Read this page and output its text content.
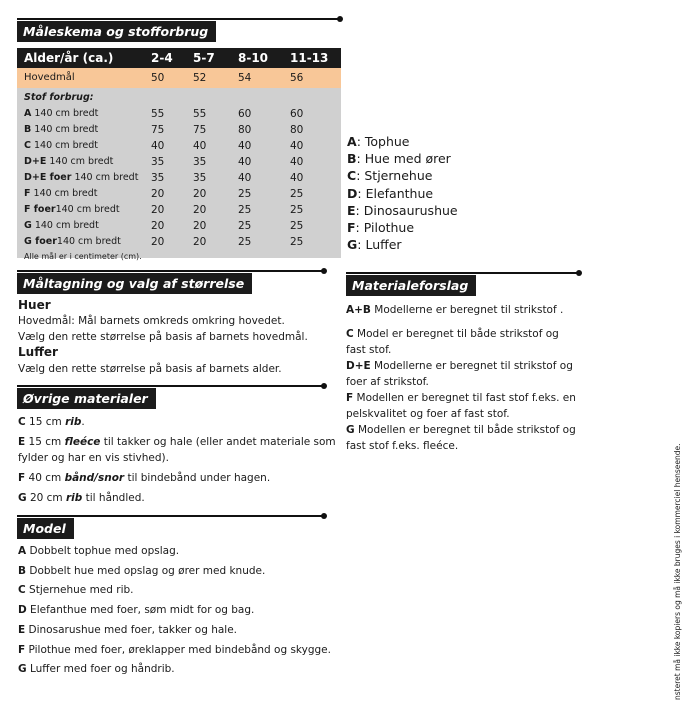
Måleskema og stofforbrug
Alder/år (ca.)	2-4	5-7	8-10	11-13
Hovedmål	50	52	54	56
Stof forbrug:				
A 140 cm bredt	55	55	60	60
B 140 cm bredt	75	75	80	80
C 140 cm bredt	40	40	40	40
D+E 140 cm bredt	35	35	40	40
D+E foer 140 cm bredt	35	35	40	40
F 140 cm bredt	20	20	25	25
F foer140 cm bredt	20	20	25	25
G 140 cm bredt	20	20	25	25
G foer140 cm bredt	20	20	25	25

Alle mål er i centimeter (cm).
A: Tophue
B: Hue med ører
C: Stjernehue
D: Elefanthue
E: Dinosaurushue
F: Pilothue
G: Luffer
Måltagning og valg af størrelse
Huer
Hovedmål: Mål barnets omkreds omkring hovedet.
Vælg den rette størrelse på basis af barnets hovedmål.
Luffer
Vælg den rette størrelse på basis af barnets alder.
Materialeforslag
A+B Modellerne er beregnet til strikstof .
C Model er beregnet til både strikstof og
fast stof.
D+E Modellerne er beregnet til strikstof og
foer af strikstof.
F Modellen er beregnet til fast stof f.eks. en
pelskvalitet og foer af fast stof.
G Modellen er beregnet til både strikstof og
fast stof f.eks. fleéce.
Øvrige materialer
C 15 cm rib.
E 15 cm fleéce til takker og hale (eller andet materiale som
fylder og har en vis stivhed).
F 40 cm bånd/snor til bindebånd under hagen.
G 20 cm rib til håndled.
Model
A Dobbelt tophue med opslag.
B Dobbelt hue med opslag og ører med knude.
C Stjernehue med rib.
D Elefanthue med foer, søm midt for og bag.
E Dinosarushue med foer, takker og hale.
F Pilothue med foer, øreklapper med bindebånd og skygge.
G Luffer med foer og håndrib.	nsteret må ikke kopiers og må ikke bruges i kommerciel henseende.
